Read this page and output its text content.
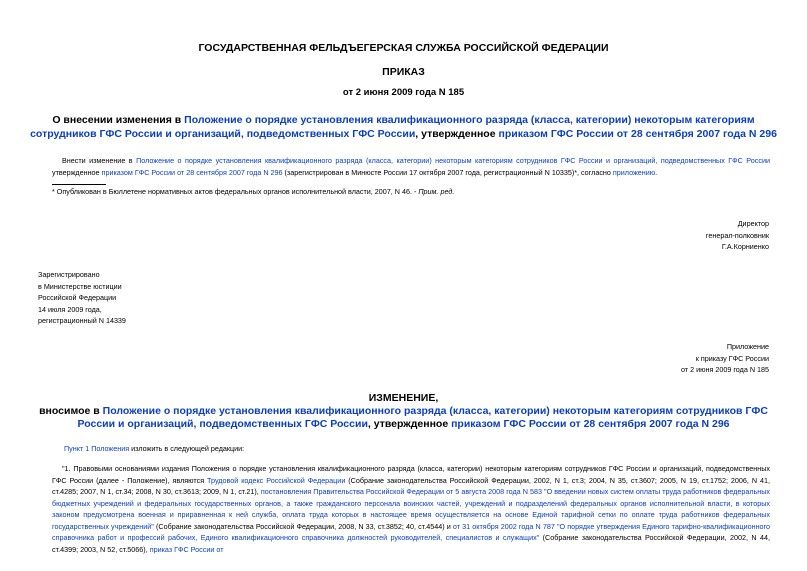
ГОСУДАРСТВЕННАЯ ФЕЛЬДЪЕГЕРСКАЯ СЛУЖБА РОССИЙСКОЙ ФЕДЕРАЦИИ
ПРИКАЗ
от 2 июня 2009 года N 185
О внесении изменения в Положение о порядке установления квалификационного разряда (класса, категории) некоторым категориям сотрудников ГФС России и организаций, подведомственных ГФС России, утвержденное приказом ГФС России от 28 сентября 2007 года N 296
Внести изменение в Положение о порядке установления квалификационного разряда (класса, категории) некоторым категориям сотрудников ГФС России и организаций, подведомственных ГФС России утвержденное приказом ГФС России от 28 сентября 2007 года N 296 (зарегистрирован в Минюсте России 17 октября 2007 года, регистрационный N 10335)*, согласно приложению.
* Опубликован в Бюллетене нормативных актов федеральных органов исполнительной власти, 2007, N 46. - Прим. ред.
Директор
генерал-полковник
Г.А.Корниенко
Зарегистрировано
в Министерстве юстиции
Российской Федерации
14 июля 2009 года,
регистрационный N 14339
Приложение
к приказу ГФС России
от 2 июня 2009 года N 185
ИЗМЕНЕНИЕ,
вносимое в Положение о порядке установления квалификационного разряда (класса, категории) некоторым категориям сотрудников ГФС России и организаций, подведомственных ГФС России, утвержденное приказом ГФС России от 28 сентября 2007 года N 296
Пункт 1 Положения изложить в следующей редакции:
"1. Правовыми основаниями издания Положения о порядке установления квалификационного разряда (класса, категории) некоторым категориям сотрудников ГФС России и организаций, подведомственных ГФС России (далее - Положение), являются Трудовой кодекс Российской Федерации (Собрание законодательства Российской Федерации, 2002, N 1, ст.3; 2004, N 35, ст.3607; 2005, N 19, ст.1752; 2006, N 41, ст.4285; 2007, N 1, ст.34; 2008, N 30, ст.3613; 2009, N 1, ст.21), постановления Правительства Российской Федерации от 5 августа 2008 года N 583 "О введении новых систем оплаты труда работников федеральных бюджетных учреждений и федеральных государственных органов, а также гражданского персонала воинских частей, учреждений и подразделений федеральных органов исполнительной власти, в которых законом предусмотрена военная и приравненная к ней служба, оплата труда которых в настоящее время осуществляется на основе Единой тарифной сетки по оплате труда работников федеральных государственных учреждений" (Собрание законодательства Российской Федерации, 2008, N 33, ст.3852; 40, ст.4544) и от 31 октября 2002 года N 787 "О порядке утверждения Единого тарифно-квалификационного справочника работ и профессий рабочих, Единого квалификационного справочника должностей руководителей, специалистов и служащих" (Собрание законодательства Российской Федерации, 2002, N 44, ст.4399; 2003, N 52, ст.5066), приказ ГФС России от
